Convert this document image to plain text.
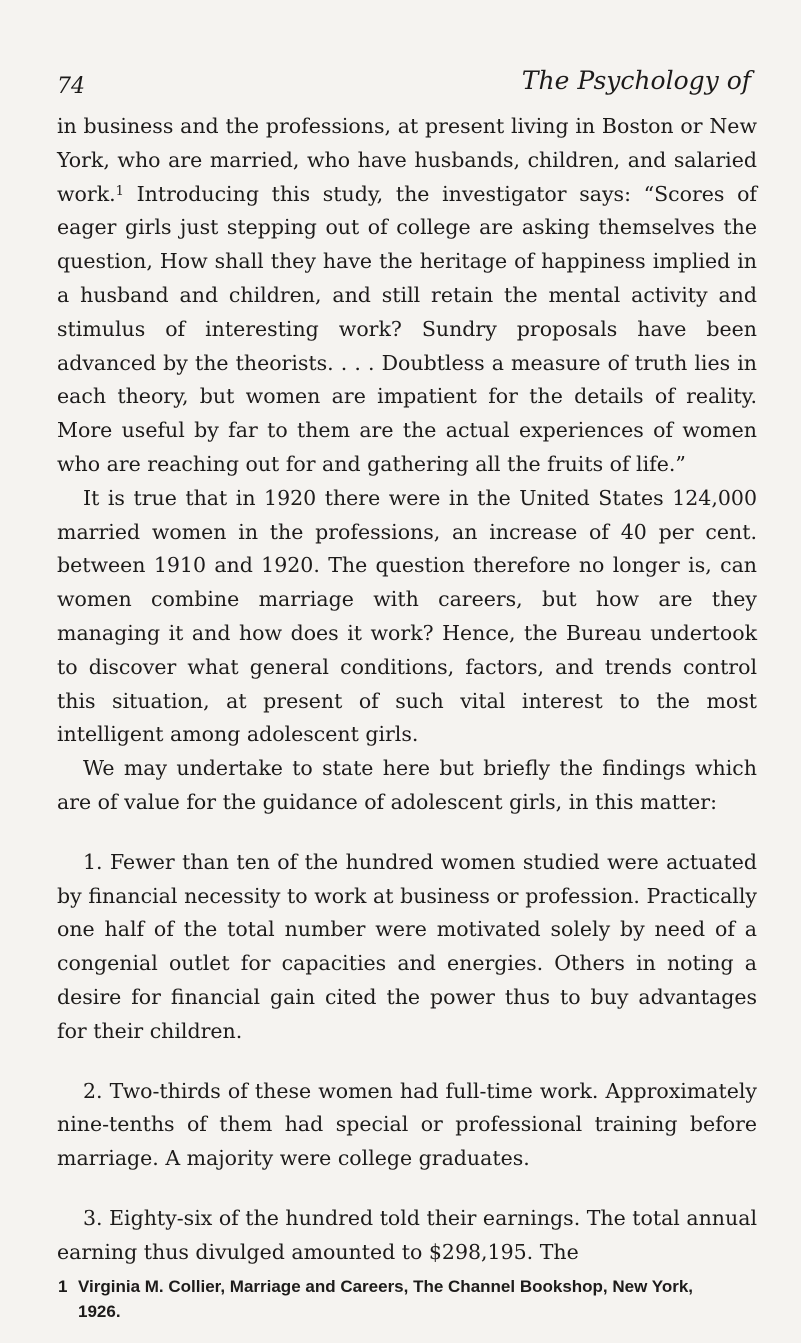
74	The Psychology of

in business and the professions, at present living in Boston or New York, who are married, who have husbands, children, and salaried work.$^1$ Introducing this study, the investigator says: “Scores of eager girls just stepping out of college are asking themselves the question, How shall they have the heritage of happiness implied in a husband and children, and still retain the mental activity and stimulus of interesting work? Sundry proposals have been advanced by the theorists. . . . Doubtless a measure of truth lies in each theory, but women are impatient for the details of reality. More useful by far to them are the actual experiences of women who are reaching out for and gathering all the fruits of life.”

It is true that in 1920 there were in the United States 124,000 married women in the professions, an increase of 40 per cent. between 1910 and 1920. The question therefore no longer is, can women combine marriage with careers, but how are they managing it and how does it work? Hence, the Bureau undertook to discover what general conditions, factors, and trends control this situation, at present of such vital interest to the most intelligent among adolescent girls.

We may undertake to state here but briefly the findings which are of value for the guidance of adolescent girls, in this matter:

1. Fewer than ten of the hundred women studied were actuated by financial necessity to work at business or profession. Practically one half of the total number were motivated solely by need of a congenial outlet for capacities and energies. Others in noting a desire for financial gain cited the power thus to buy advantages for their children.

2. Two-thirds of these women had full-time work. Approximately nine-tenths of them had special or professional training before marriage. A majority were college graduates.

3. Eighty-six of the hundred told their earnings. The total annual earning thus divulged amounted to $298,195. The

1 Virginia M. Collier, Marriage and Careers, The Channel Bookshop, New York, 1926.
